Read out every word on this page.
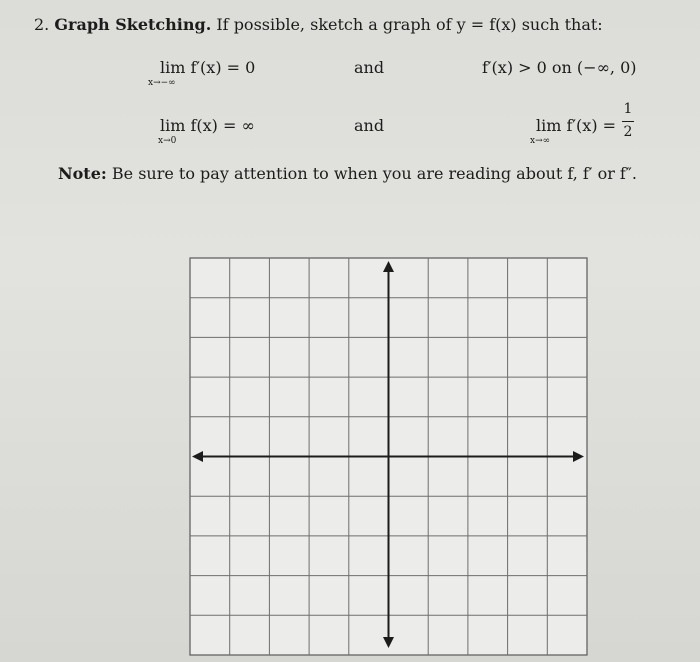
2. Graph Sketching. If possible, sketch a graph of y = f(x) such that:
lim f′(x) = 0
x→−∞
and	f′(x) > 0 on (−∞, 0)
lim f(x) = ∞
x→0
and	lim f′(x) =
x→∞
1
2
Note: Be sure to pay attention to when you are reading about f, f′ or f″.
